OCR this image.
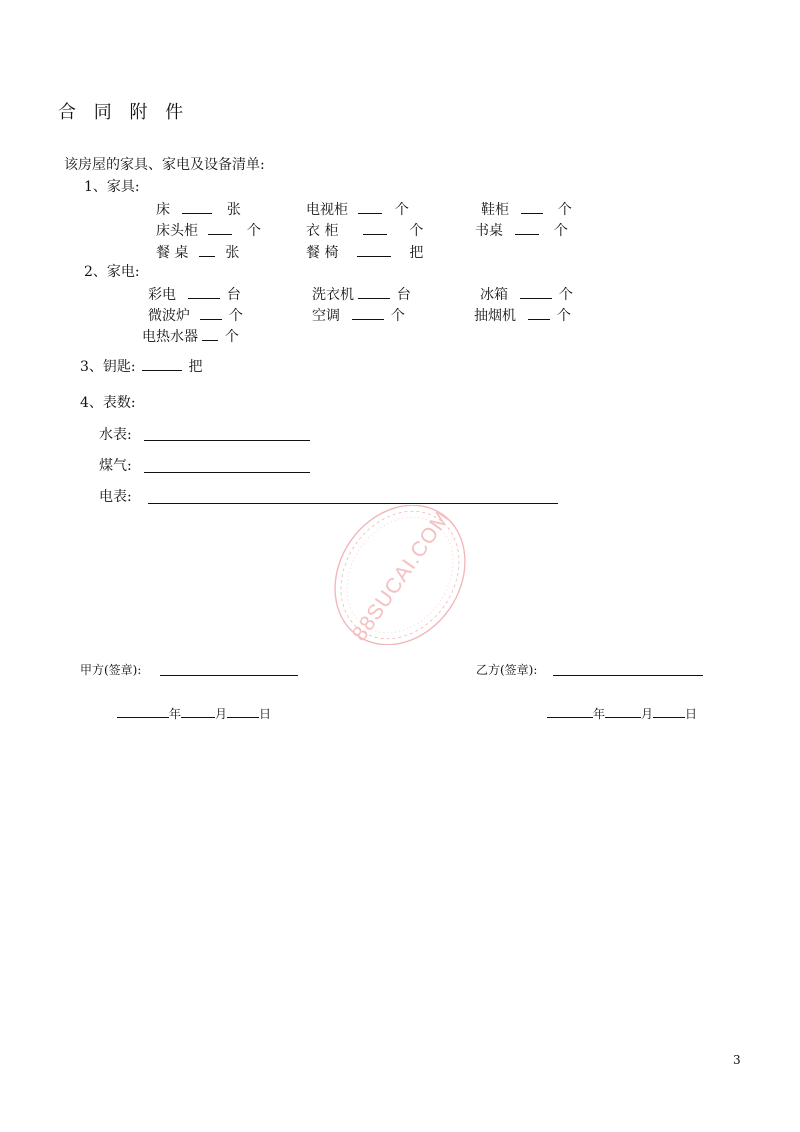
合 同 附 件
该房屋的家具、家电及设备清单:
1、家具:
床	张	电视柜	个	鞋柜	个
床头柜	个	衣 柜	个	书桌	个
餐 桌	张	餐 椅	把
2、家电:
彩电	台	洗衣机	台	冰箱	个
微波炉	个	空调	个	抽烟机	个
电热水器 个
3、钥匙:	把
4、表数:
水表:
煤气:
电表:
88SUCAI.COM
甲方(签章):	乙方(签章):
年	月	日	年	月	日
3
